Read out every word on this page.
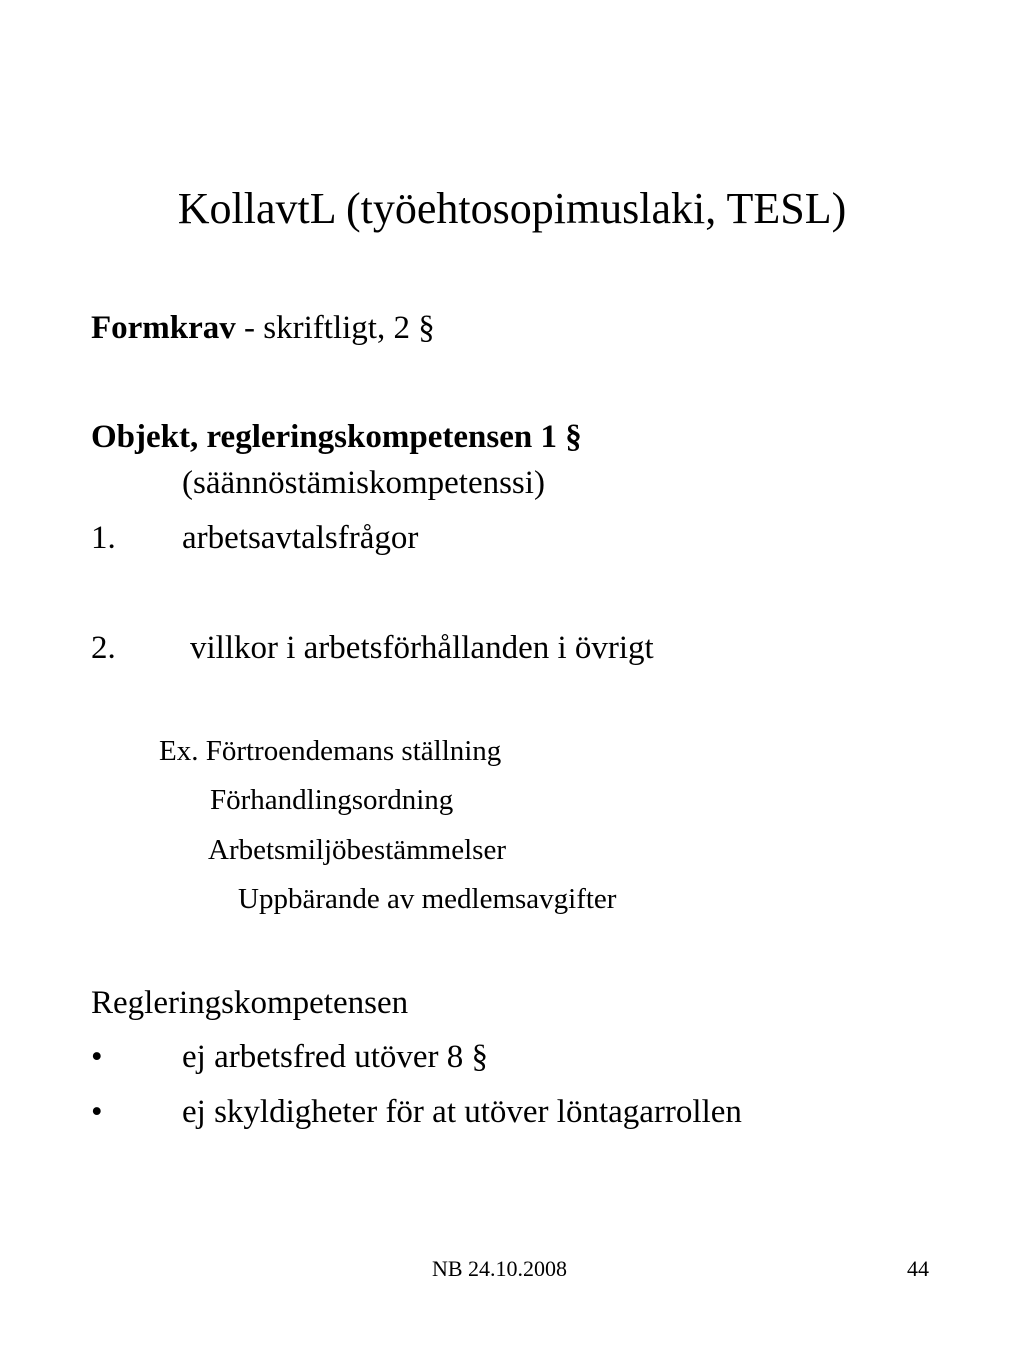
KollavtL (työehtosopimuslaki, TESL)
Formkrav - skriftligt, 2 §
Objekt, regleringskompetensen 1 §
(säännöstämiskompetenssi)
1. arbetsavtalsfrågor
2. villkor i arbetsförhållanden i övrigt
Ex. Förtroendemans ställning
Förhandlingsordning
Arbetsmiljöbestämmelser
Uppbärande av medlemsavgifter
Regleringskompetensen
• ej arbetsfred utöver 8 §
• ej skyldigheter för at utöver löntagarrollen
NB 24.10.2008	44
